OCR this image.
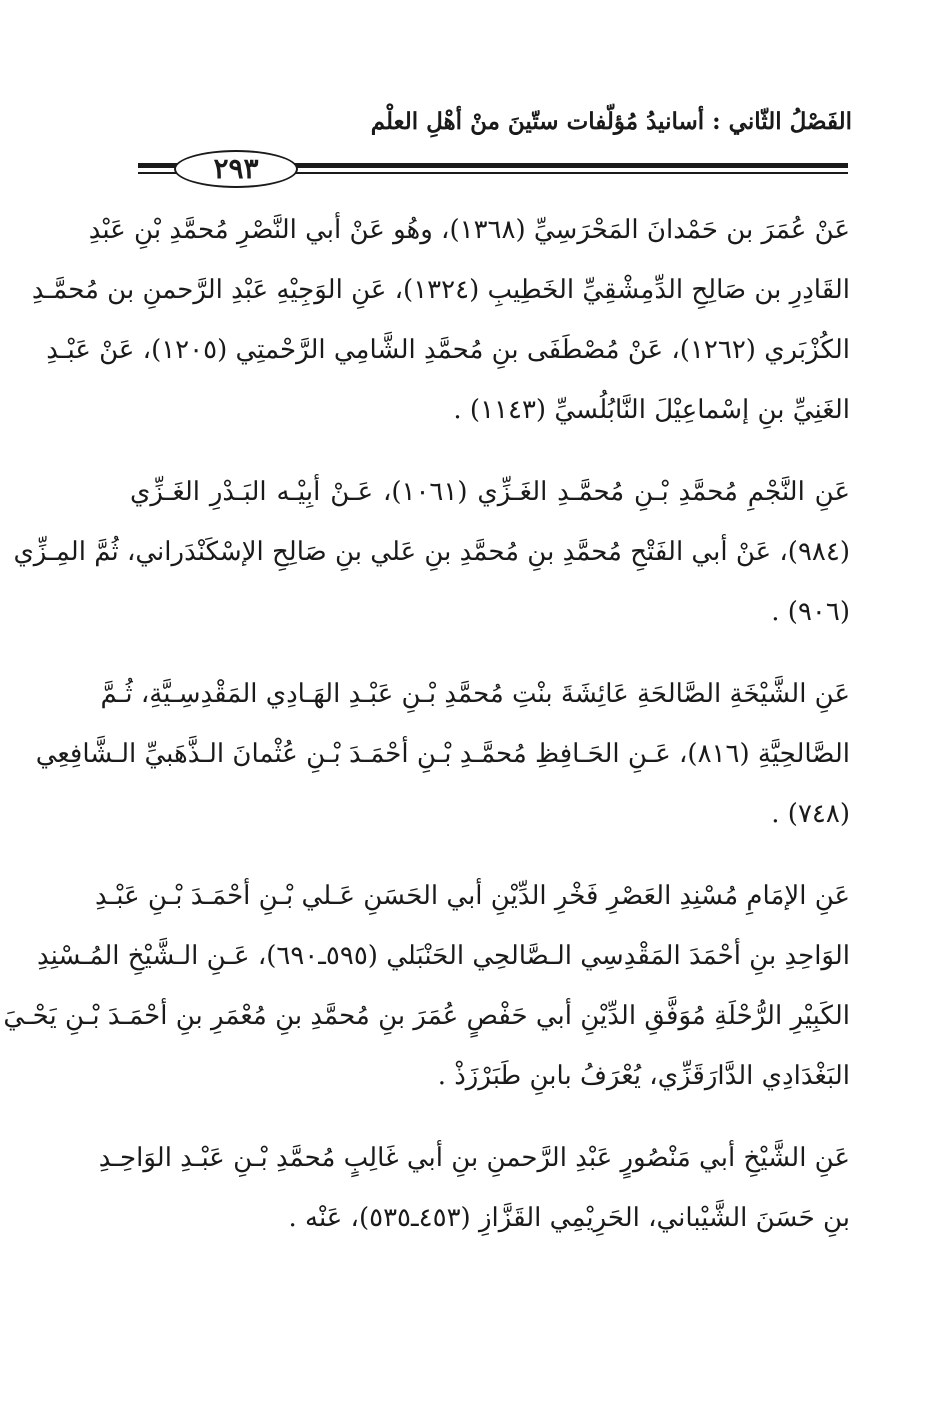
الفَصْلُ الثّاني : أسانيدُ مُؤلّفات ستّينَ منْ أهْلِ العلْم
٢٩٣
عَنْ عُمَرَ بن حَمْدانَ المَحْرَسِيِّ (١٣٦٨)، وهُو عَنْ أبي النَّصْرِ مُحمَّدِ بْنِ عَبْدِ
القَادِرِ بن صَالِحِ الدِّمِشْقِيِّ الخَطِيبِ (١٣٢٤)، عَنِ الوَجِيْهِ عَبْدِ الرَّحمنِ بن مُحمَّـدِ
الكُزْبَري (١٢٦٢)، عَنْ مُصْطَفَى بنِ مُحمَّدِ الشَّامِي الرَّحْمتِي (١٢٠٥)، عَنْ عَبْـدِ
الغَنِيِّ بنِ إسْماعِيْلَ النَّابُلُسيِّ (١١٤٣) .
عَنِ النَّجْمِ مُحمَّدِ بْـنِ مُحمَّـدِ الغَـزِّي (١٠٦١)، عَـنْ أبِيْـه البَـدْرِ الغَـزِّي
(٩٨٤)، عَنْ أبي الفَتْحِ مُحمَّدِ بنِ مُحمَّدِ بنِ عَلي بنِ صَالِحِ الإسْكَنْدَراني، ثُمَّ المِـزِّي
(٩٠٦) .
عَنِ الشَّيْخَةِ الصَّالحَةِ عَائِشَةَ بنْتِ مُحمَّدِ بْـنِ عَبْـدِ الهَـادِي المَقْدِسِـيَّةِ، ثُـمَّ
الصَّالحِيَّةِ (٨١٦)، عَـنِ الحَـافِظِ مُحمَّـدِ بْـنِ أحْمَـدَ بْـنِ عُثْمانَ الـذَّهَبيِّ الـشَّافِعِي
(٧٤٨) .
عَنِ الإمَامِ مُسْنِدِ العَصْرِ فَخْرِ الدِّيْنِ أبي الحَسَنِ عَـلي بْـنِ أحْمَـدَ بْـنِ عَبْـدِ
الوَاحِدِ بنِ أحْمَدَ المَقْدِسِي الـصَّالحِي الحَنْبَلي (٥٩٥ـ٦٩٠)، عَـنِ الـشَّيْخِ المُـسْنِدِ
الكَبِيْرِ الرُّحْلَةِ مُوَفَّقِ الدِّيْنِ أبي حَفْصٍ عُمَرَ بنِ مُحمَّدِ بنِ مُعْمَرِ بنِ أحْمَـدَ بْـنِ يَحْـيَ
البَغْدَادِي الدَّارَقَزِّي، يُعْرَفُ بابنِ طَبَرْزَذْ .
عَنِ الشَّيْخِ أبي مَنْصُورٍ عَبْدِ الرَّحمنِ بنِ أبي غَالِبٍ مُحمَّدِ بْـنِ عَبْـدِ الوَاحِـدِ
بنِ حَسَنَ الشَّيْباني، الحَرِيْمِي القَزَّازِ (٤٥٣ـ٥٣٥)، عَنْه .
